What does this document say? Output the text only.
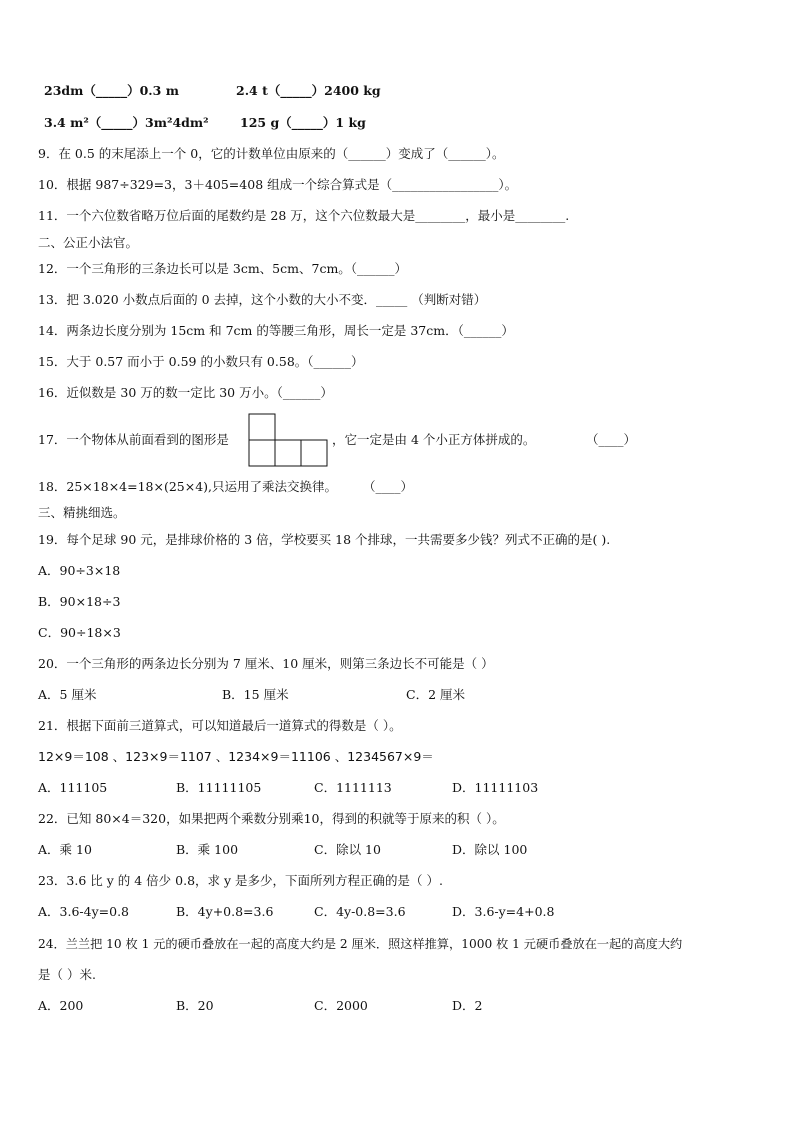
23dm（_____）0.3 m	2.4 t（_____）2400 kg
3.4 m²（_____）3m²4dm²	125 g（_____）1 kg
9．在 0.5 的末尾添上一个 0，它的计数单位由原来的（______）变成了（______）。
10．根据 987÷329=3，3＋405=408 组成一个综合算式是（_________________）。
11．一个六位数省略万位后面的尾数约是 28 万，这个六位数最大是________，最小是________.
二、公正小法官。
12．一个三角形的三条边长可以是 3cm、5cm、7cm。（______）
13．把 3.020 小数点后面的 0 去掉，这个小数的大小不变．_____ （判断对错）
14．两条边长度分别为 15cm 和 7cm 的等腰三角形，周长一定是 37cm．（______）
15．大于 0.57 而小于 0.59 的小数只有 0.58。（______）
16．近似数是 30 万的数一定比 30 万小。（______）
17．一个物体从前面看到的图形是	，它一定是由 4 个小正方体拼成的。	（____）
18．25×18×4=18×(25×4),只运用了乘法交换律。 （____）
三、精挑细选。
19．每个足球 90 元，是排球价格的 3 倍，学校要买 18 个排球，一共需要多少钱？列式不正确的是( ).
A．90÷3×18
B．90×18÷3
C．90÷18×3
20．一个三角形的两条边长分别为 7 厘米、10 厘米，则第三条边长不可能是（ ）
A．5 厘米	B．15 厘米	C．2 厘米
21．根据下面前三道算式，可以知道最后一道算式的得数是（ ）。
12×9＝108 、123×9＝1107 、1234×9＝11106 、1234567×9＝
A．111105	B．11111105	C．1111113	D．11111103
22．已知 80×4＝320，如果把两个乘数分别乘10，得到的积就等于原来的积（ ）。
A．乘 10	B．乘 100	C．除以 10	D．除以 100
23．3.6 比 y 的 4 倍少 0.8，求 y 是多少，下面所列方程正确的是（ ）.
A．3.6-4y=0.8	B．4y+0.8=3.6	C．4y-0.8=3.6	D．3.6-y=4+0.8
24．兰兰把 10 枚 1 元的硬币叠放在一起的高度大约是 2 厘米．照这样推算，1000 枚 1 元硬币叠放在一起的高度大约
是（ ）米.
A．200	B．20	C．2000	D．2
